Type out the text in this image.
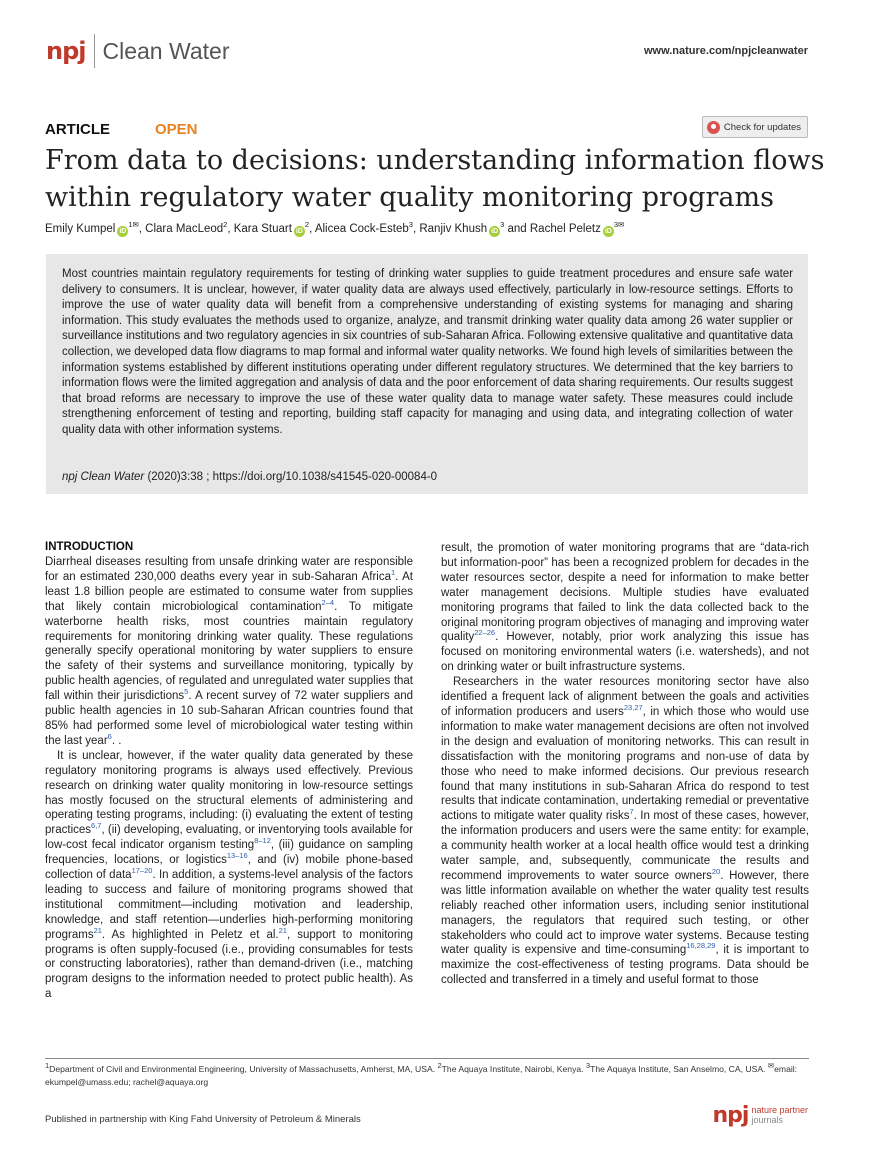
npj Clean Water	www.nature.com/npjcleanwater
ARTICLE	OPEN	Check for updates
From data to decisions: understanding information flows within regulatory water quality monitoring programs
Emily Kumpel $iD^{1✉}$, Clara MacLeod$^2$, Kara Stuart $iD^2$, Alicea Cock-Esteb$^3$, Ranjiv Khush $iD^3$ and Rachel Peletz $iD^{3✉}$

Most countries maintain regulatory requirements for testing of drinking water supplies to guide treatment procedures and ensure safe water delivery to consumers. It is unclear, however, if water quality data are always used effectively, particularly in low-resource settings. Efforts to improve the use of water quality data will benefit from a comprehensive understanding of existing systems for managing and sharing information. This study evaluates the methods used to organize, analyze, and transmit drinking water quality data among 26 water supplier or surveillance institutions and two regulatory agencies in six countries of sub-Saharan Africa. Following extensive qualitative and quantitative data collection, we developed data flow diagrams to map formal and informal water quality networks. We found high levels of similarities between the information systems established by different institutions operating under different regulatory structures. We determined that the key barriers to information flows were the limited aggregation and analysis of data and the poor enforcement of data sharing requirements. Our results suggest that broad reforms are necessary to improve the use of these water quality data to manage water safety. These measures could include strengthening enforcement of testing and reporting, building staff capacity for managing and using data, and integrating collection of water quality data with other information systems.

npj Clean Water (2020)3:38 ; https://doi.org/10.1038/s41545-020-00084-0
INTRODUCTION

Diarrheal diseases resulting from unsafe drinking water are responsible for an estimated 230,000 deaths every year in sub-Saharan Africa$^1$. At least 1.8 billion people are estimated to consume water from supplies that likely contain microbiological contamination$^{2-4}$. To mitigate waterborne health risks, most countries maintain regulatory requirements for monitoring drinking water quality. These regulations generally specify operational monitoring by water suppliers to ensure the safety of their systems and surveillance monitoring, typically by public health agencies, of regulated and unregulated water supplies that fall within their jurisdictions$^5$. A recent survey of 72 water suppliers and public health agencies in 10 sub-Saharan African countries found that 85% had performed some level of microbiological water testing within the last year$^6$. .

It is unclear, however, if the water quality data generated by these regulatory monitoring programs is always used effectively. Previous research on drinking water quality monitoring in low-resource settings has mostly focused on the structural elements of administering and operating testing programs, including: (i) evaluating the extent of testing practices$^{6,7}$, (ii) developing, evaluating, or inventorying tools available for low-cost fecal indicator organism testing$^{8-12}$, (iii) guidance on sampling frequencies, locations, or logistics$^{13-16}$, and (iv) mobile phone-based collection of data$^{17-20}$. In addition, a systems-level analysis of the factors leading to success and failure of monitoring programs showed that institutional commitment—including motivation and leadership, knowledge, and staff retention—underlies high-performing monitoring programs$^{21}$. As highlighted in Peletz et al.$^{21}$, support to monitoring programs is often supply-focused (i.e., providing consumables for tests or constructing laboratories), rather than demand-driven (i.e., matching program designs to the information needed to protect public health). As a

result, the promotion of water monitoring programs that are “data-rich but information-poor” has been a recognized problem for decades in the water resources sector, despite a need for information to make better water management decisions. Multiple studies have evaluated monitoring programs that failed to link the data collected back to the original monitoring program objectives of managing and improving water quality$^{22-26}$. However, notably, prior work analyzing this issue has focused on monitoring environmental waters (i.e. watersheds), and not on drinking water or built infrastructure systems.

Researchers in the water resources monitoring sector have also identified a frequent lack of alignment between the goals and activities of information producers and users$^{23,27}$, in which those who would use information to make water management decisions are often not involved in the design and evaluation of monitoring networks. This can result in dissatisfaction with the monitoring programs and non-use of data by those who need to make informed decisions. Our previous research found that many institutions in sub-Saharan Africa do respond to test results that indicate contamination, undertaking remedial or preventative actions to mitigate water quality risks$^7$. In most of these cases, however, the information producers and users were the same entity: for example, a community health worker at a local health office would test a drinking water sample, and, subsequently, communicate the results and recommend improvements to water source owners$^{20}$. However, there was little information available on whether the water quality test results reliably reached other information users, including senior institutional managers, the regulators that required such testing, or other stakeholders who could act to improve water systems. Because testing water quality is expensive and time-consuming$^{16,28,29}$, it is important to maximize the cost-effectiveness of testing programs. Data should be collected and transferred in a timely and useful format to those

$^1$Department of Civil and Environmental Engineering, University of Massachusetts, Amherst, MA, USA. $^2$The Aquaya Institute, Nairobi, Kenya. $^3$The Aquaya Institute, San Anselmo, CA, USA. ✉email: ekumpel@umass.edu; rachel@aquaya.org
Published in partnership with King Fahd University of Petroleum & Minerals	npj nature partner
journals
